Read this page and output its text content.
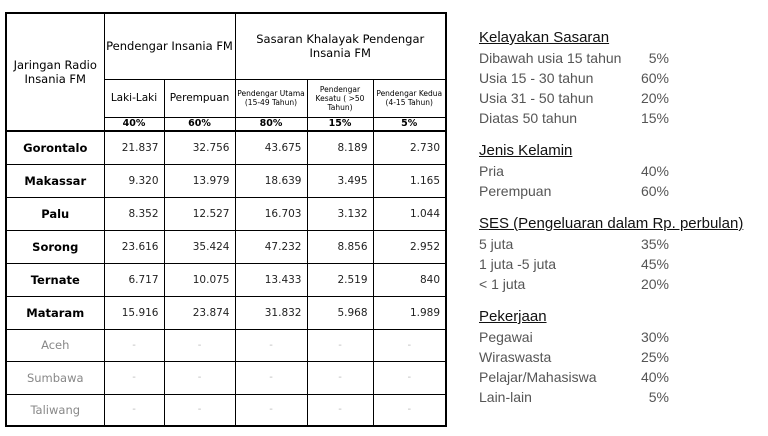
Jaringan Radio Insania FM	Pendengar Insania FM		Sasaran Khalayak Pendengar Insania FM		
	Laki-Laki	Perempuan	Pendengar Utama (15-49 Tahun)	Pendengar Kesatu ( >50 Tahun)	Pendengar Kedua (4-15 Tahun)
	40%	60%	80%	15%	5%
Gorontalo	21.837	32.756	43.675	8.189	2.730
Makassar	9.320	13.979	18.639	3.495	1.165
Palu	8.352	12.527	16.703	3.132	1.044
Sorong	23.616	35.424	47.232	8.856	2.952
Ternate	6.717	10.075	13.433	2.519	840
Mataram	15.916	23.874	31.832	5.968	1.989
Aceh	-	-	-	-	-
Sumbawa	-	-	-	-	-
Taliwang	-	-	-	-	-
Kelayakan Sasaran
Dibawah usia 15 tahun 5%
Usia 15 - 30 tahun	60%
Usia 31 - 50 tahun	20%
Diatas 50 tahun	15%
Jenis Kelamin
Pria	40%
Perempuan	60%
SES (Pengeluaran dalam Rp. perbulan)
5 juta	35%
1 juta -5 juta	45%
< 1 juta	20%
Pekerjaan
Pegawai	30%
Wiraswasta	25%
Pelajar/Mahasiswa	40%
Lain-lain	5%
